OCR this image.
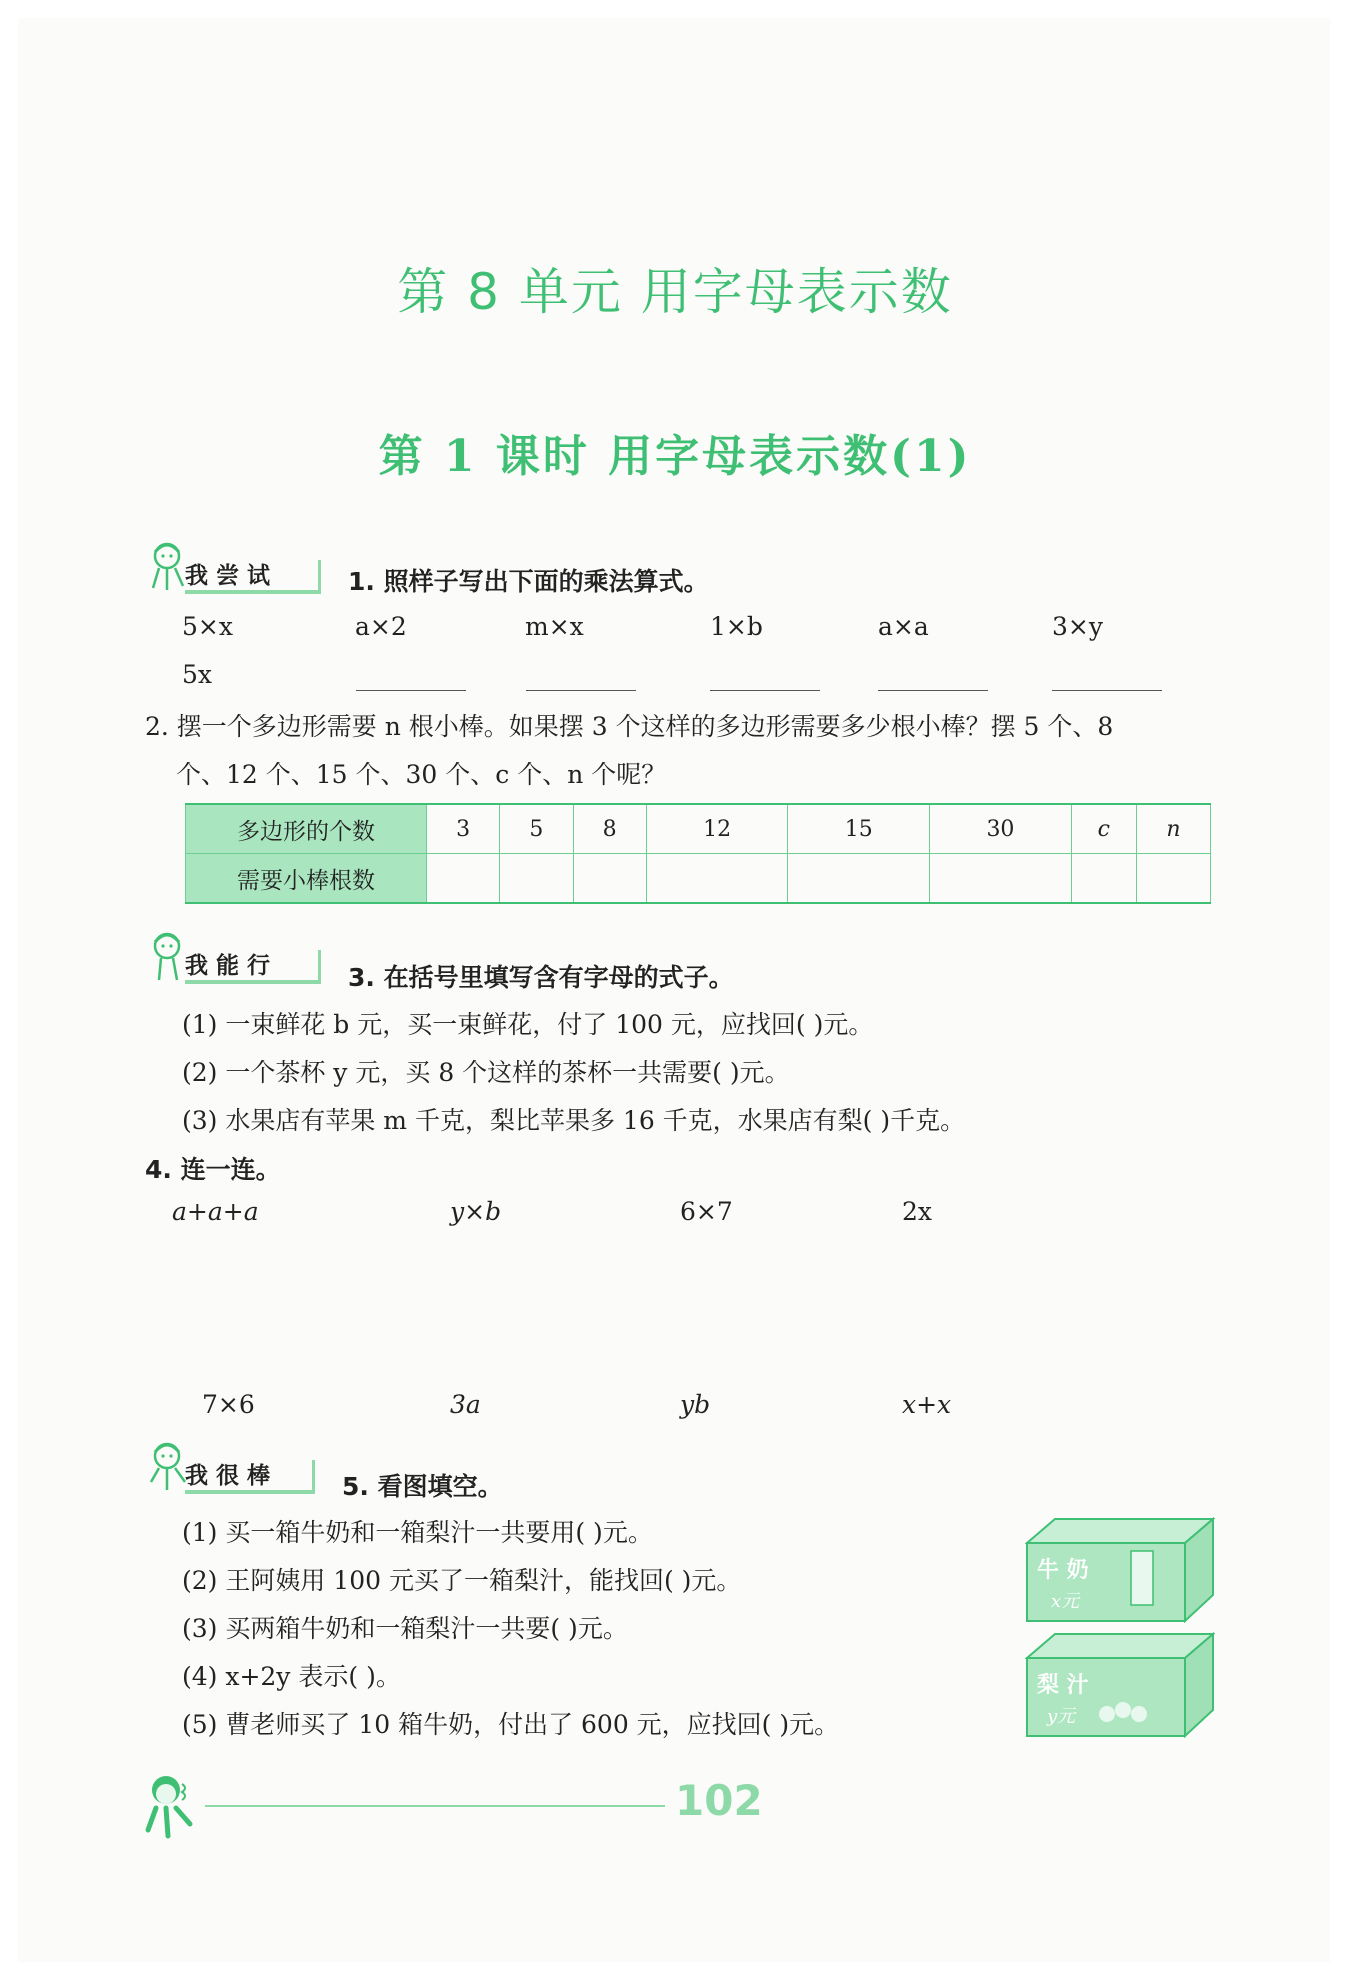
第 8 单元 用字母表示数
第 1 课时 用字母表示数(1)
我尝试	1. 照样子写出下面的乘法算式。
5×x	a×2	m×x	1×b	a×a	3×y
5x
2. 摆一个多边形需要 n 根小棒。如果摆 3 个这样的多边形需要多少根小棒？摆 5 个、8
个、12 个、15 个、30 个、c 个、n 个呢？
多边形的个数	3	5	8	12	15	30	c	n
需要小棒根数								
我能行	3. 在括号里填写含有字母的式子。
(1) 一束鲜花 b 元，买一束鲜花，付了 100 元，应找回( )元。
(2) 一个茶杯 y 元，买 8 个这样的茶杯一共需要( )元。
(3) 水果店有苹果 m 千克，梨比苹果多 16 千克，水果店有梨( )千克。
4. 连一连。
a+a+a	y×b	6×7	2x
7×6	3a	yb	x+x
我很棒	5. 看图填空。
(1) 买一箱牛奶和一箱梨汁一共要用( )元。
(2) 王阿姨用 100 元买了一箱梨汁，能找回( )元。
(3) 买两箱牛奶和一箱梨汁一共要( )元。
(4) x+2y 表示( )。
(5) 曹老师买了 10 箱牛奶，付出了 600 元，应找回( )元。
牛 奶
x元
梨 汁
y元
102
